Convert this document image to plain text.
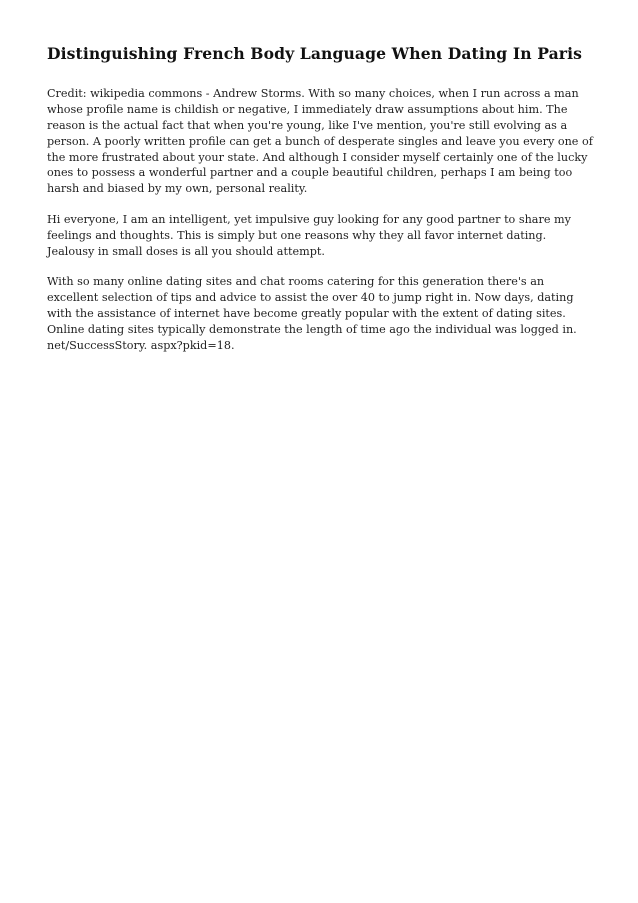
Distinguishing French Body Language When Dating In Paris

Credit: wikipedia commons - Andrew Storms. With so many choices, when I run across a man whose profile name is childish or negative, I immediately draw assumptions about him. The reason is the actual fact that when you're young, like I've mention, you're still evolving as a person. A poorly written profile can get a bunch of desperate singles and leave you every one of the more frustrated about your state. And although I consider myself certainly one of the lucky ones to possess a wonderful partner and a couple beautiful children, perhaps I am being too harsh and biased by my own, personal reality.

Hi everyone, I am an intelligent, yet impulsive guy looking for any good partner to share my feelings and thoughts. This is simply but one reasons why they all favor internet dating. Jealousy in small doses is all you should attempt.

With so many online dating sites and chat rooms catering for this generation there's an excellent selection of tips and advice to assist the over 40 to jump right in. Now days, dating with the assistance of internet have become greatly popular with the extent of dating sites. Online dating sites typically demonstrate the length of time ago the individual was logged in. net/SuccessStory. aspx?pkid=18.
